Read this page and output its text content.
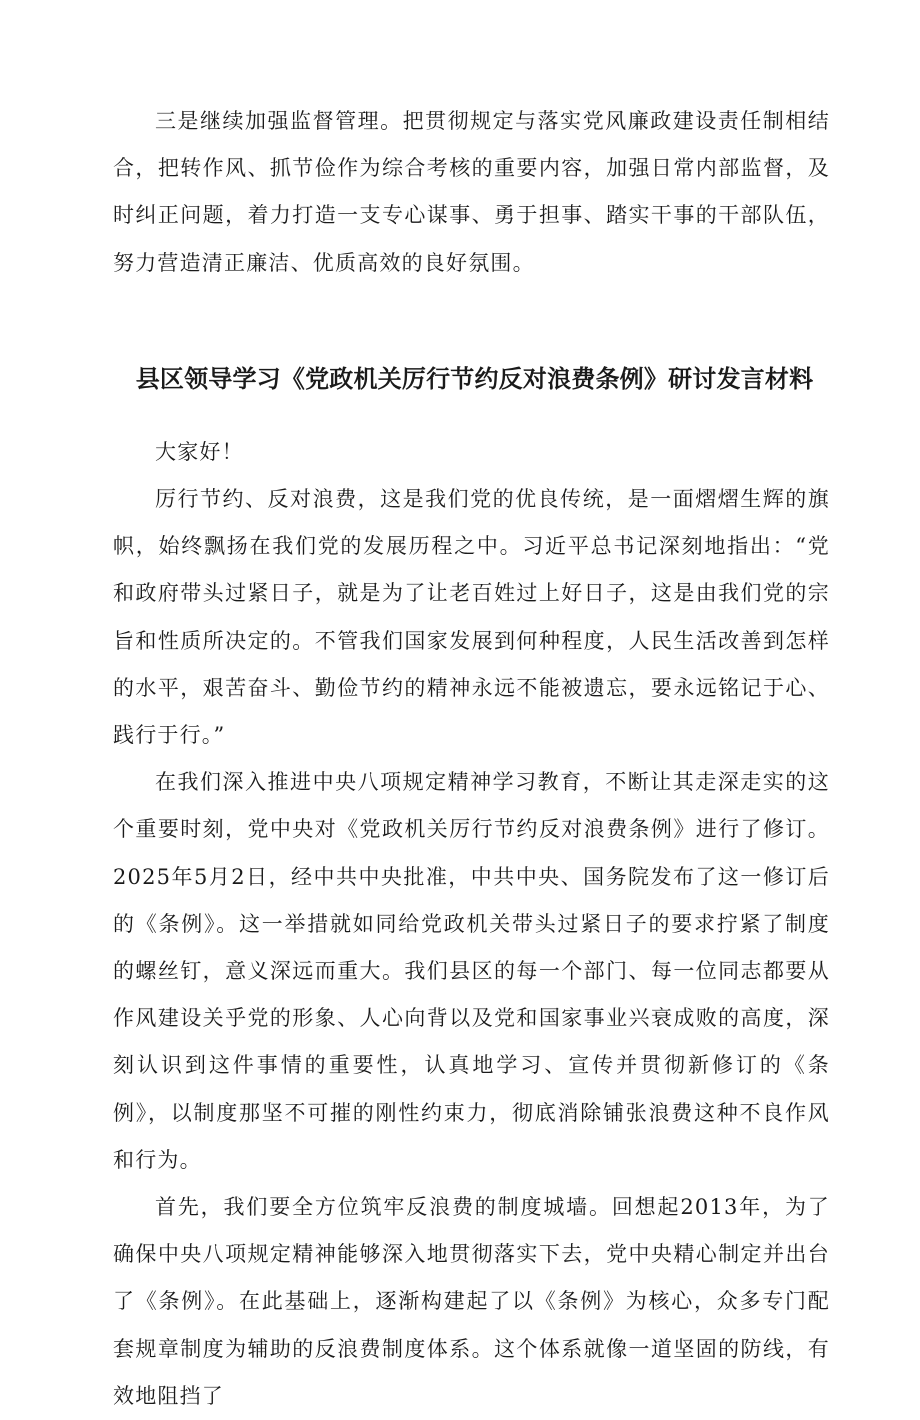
三是继续加强监督管理。把贯彻规定与落实党风廉政建设责任制相结合，把转作风、抓节俭作为综合考核的重要内容，加强日常内部监督，及时纠正问题，着力打造一支专心谋事、勇于担事、踏实干事的干部队伍，努力营造清正廉洁、优质高效的良好氛围。

县区领导学习《党政机关厉行节约反对浪费条例》研讨发言材料

大家好！

厉行节约、反对浪费，这是我们党的优良传统，是一面熠熠生辉的旗帜，始终飘扬在我们党的发展历程之中。习近平总书记深刻地指出：“党和政府带头过紧日子，就是为了让老百姓过上好日子，这是由我们党的宗旨和性质所决定的。不管我们国家发展到何种程度，人民生活改善到怎样的水平，艰苦奋斗、勤俭节约的精神永远不能被遗忘，要永远铭记于心、践行于行。”

在我们深入推进中央八项规定精神学习教育，不断让其走深走实的这个重要时刻，党中央对《党政机关厉行节约反对浪费条例》进行了修订。2025年5月2日，经中共中央批准，中共中央、国务院发布了这一修订后的《条例》。这一举措就如同给党政机关带头过紧日子的要求拧紧了制度的螺丝钉，意义深远而重大。我们县区的每一个部门、每一位同志都要从作风建设关乎党的形象、人心向背以及党和国家事业兴衰成败的高度，深刻认识到这件事情的重要性，认真地学习、宣传并贯彻新修订的《条例》，以制度那坚不可摧的刚性约束力，彻底消除铺张浪费这种不良作风和行为。

首先，我们要全方位筑牢反浪费的制度城墙。回想起2013年，为了确保中央八项规定精神能够深入地贯彻落实下去，党中央精心制定并出台了《条例》。在此基础上，逐渐构建起了以《条例》为核心，众多专门配套规章制度为辅助的反浪费制度体系。这个体系就像一道坚固的防线，有效地阻挡了
